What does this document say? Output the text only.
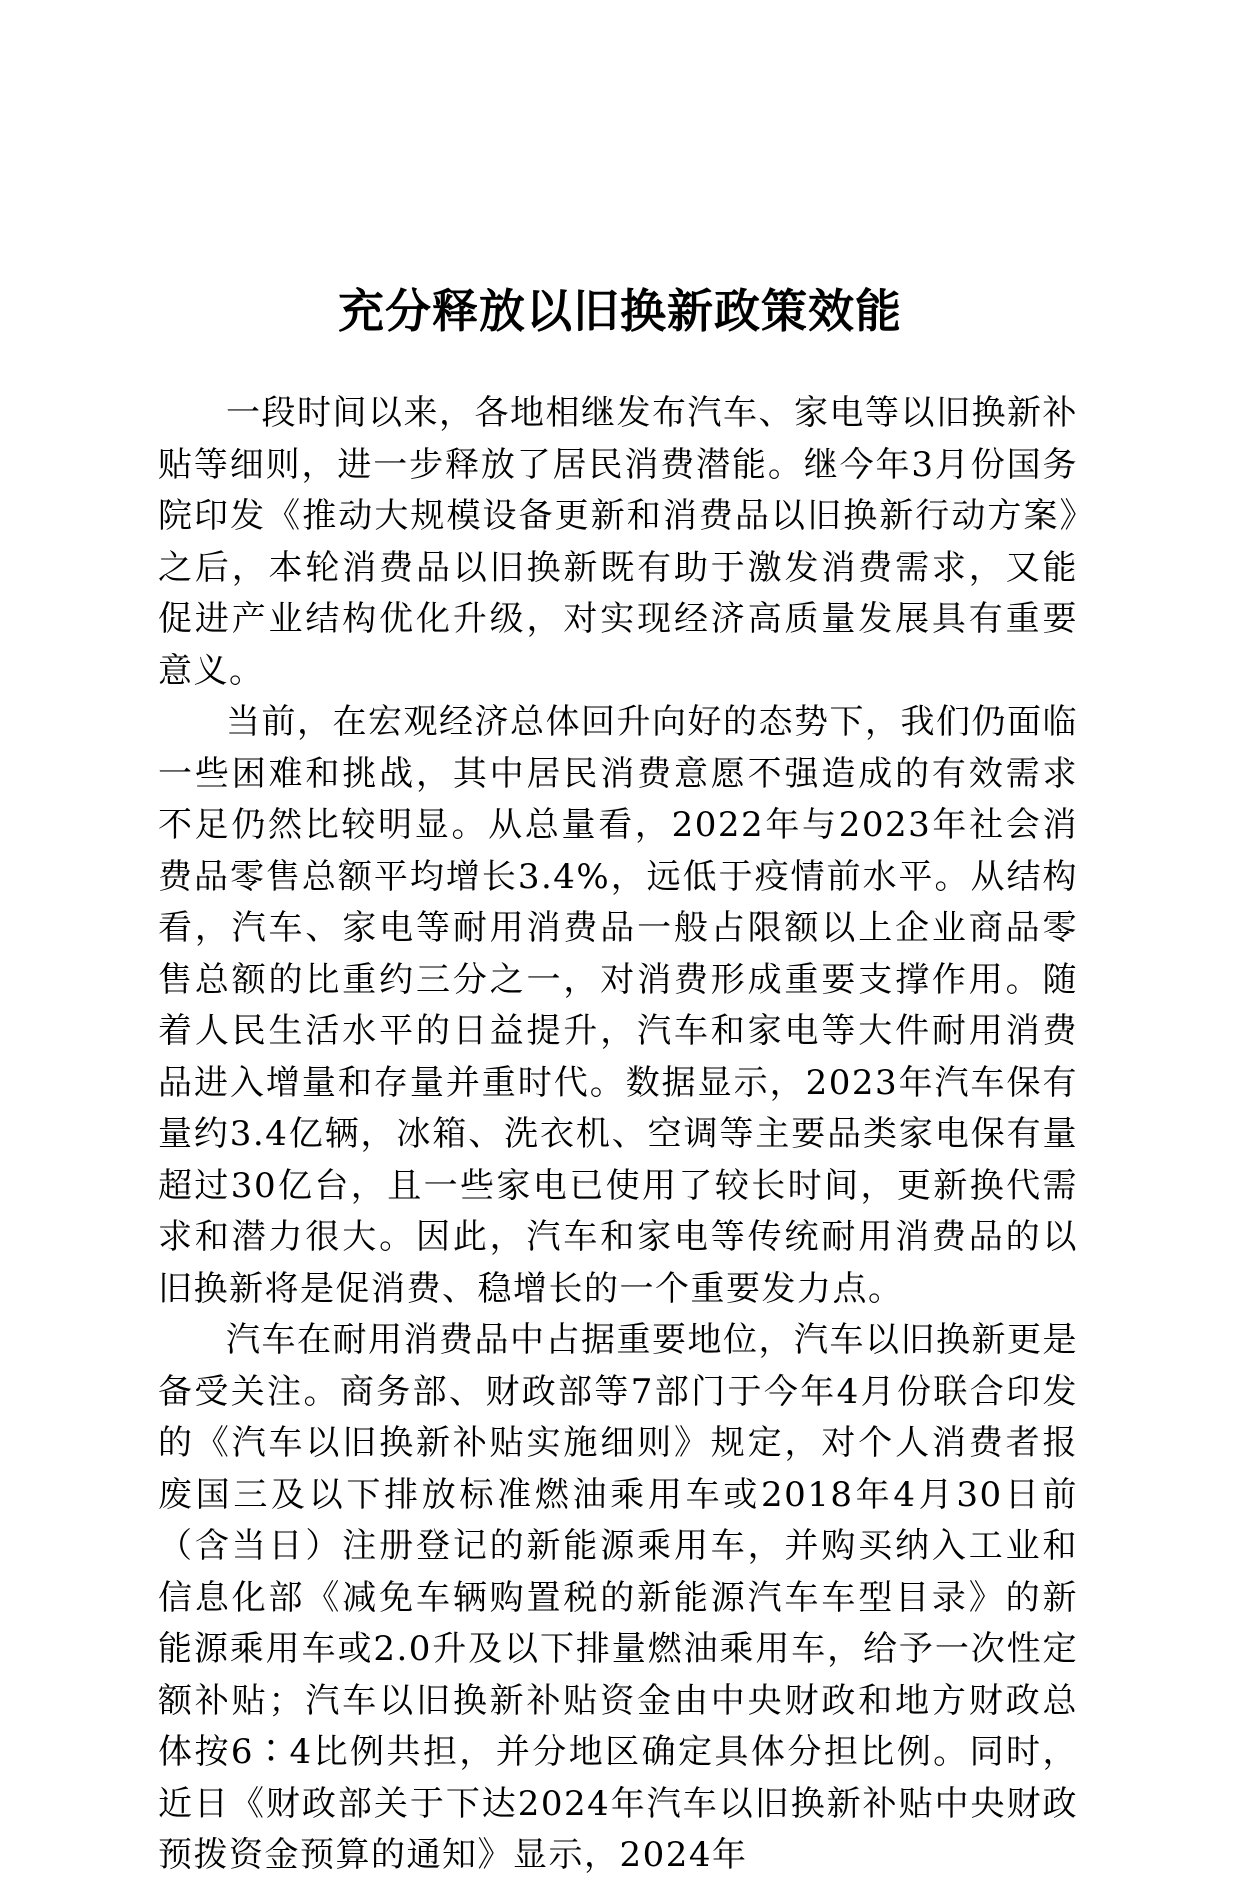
充分释放以旧换新政策效能

一段时间以来，各地相继发布汽车、家电等以旧换新补贴等细则，进一步释放了居民消费潜能。继今年3月份国务院印发《推动大规模设备更新和消费品以旧换新行动方案》之后，本轮消费品以旧换新既有助于激发消费需求，又能促进产业结构优化升级，对实现经济高质量发展具有重要意义。

当前，在宏观经济总体回升向好的态势下，我们仍面临一些困难和挑战，其中居民消费意愿不强造成的有效需求不足仍然比较明显。从总量看，2022年与2023年社会消费品零售总额平均增长3.4%，远低于疫情前水平。从结构看，汽车、家电等耐用消费品一般占限额以上企业商品零售总额的比重约三分之一，对消费形成重要支撑作用。随着人民生活水平的日益提升，汽车和家电等大件耐用消费品进入增量和存量并重时代。数据显示，2023年汽车保有量约3.4亿辆，冰箱、洗衣机、空调等主要品类家电保有量超过30亿台，且一些家电已使用了较长时间，更新换代需求和潜力很大。因此，汽车和家电等传统耐用消费品的以旧换新将是促消费、稳增长的一个重要发力点。

汽车在耐用消费品中占据重要地位，汽车以旧换新更是备受关注。商务部、财政部等7部门于今年4月份联合印发的《汽车以旧换新补贴实施细则》规定，对个人消费者报废国三及以下排放标准燃油乘用车或2018年4月30日前（含当日）注册登记的新能源乘用车，并购买纳入工业和信息化部《减免车辆购置税的新能源汽车车型目录》的新能源乘用车或2.0升及以下排量燃油乘用车，给予一次性定额补贴；汽车以旧换新补贴资金由中央财政和地方财政总体按6∶4比例共担，并分地区确定具体分担比例。同时，近日《财政部关于下达2024年汽车以旧换新补贴中央财政预拨资金预算的通知》显示，2024年
